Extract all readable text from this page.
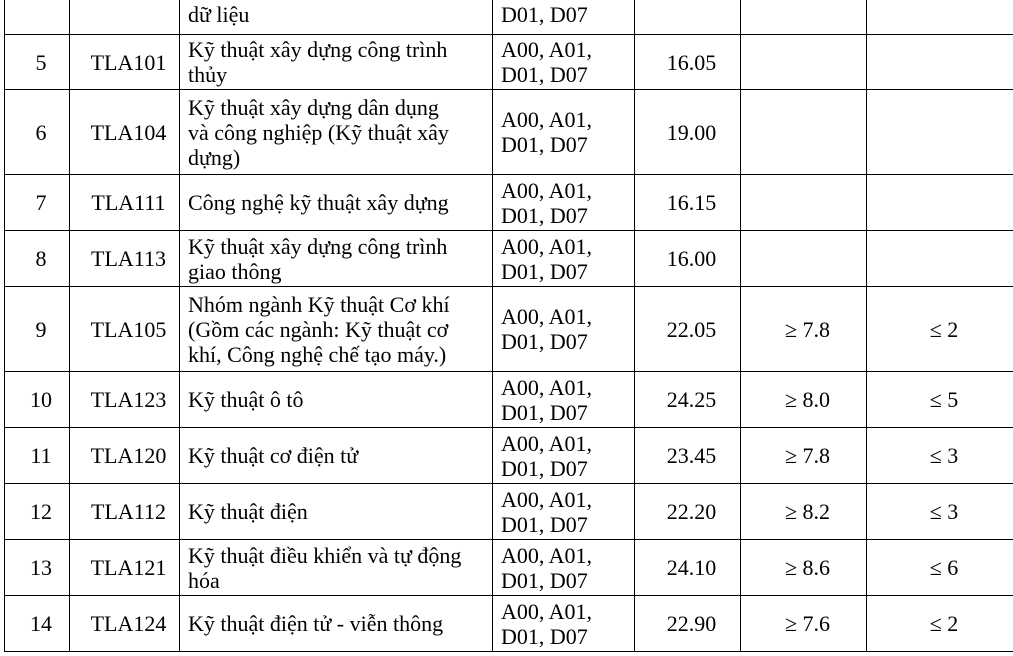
		dữ liệu	D01, D07			

5	TLA101	Kỹ thuật xây dựng công trình
thủy	A00, A01,
D01, D07	16.05		
6	TLA104	Kỹ thuật xây dựng dân dụng
và công nghiệp (Kỹ thuật xây
dựng)	A00, A01,
D01, D07	19.00		
7	TLA111	Công nghệ kỹ thuật xây dựng	A00, A01,
D01, D07	16.15		
8	TLA113	Kỹ thuật xây dựng công trình
giao thông	A00, A01,
D01, D07	16.00		
9	TLA105	Nhóm ngành Kỹ thuật Cơ khí
(Gồm các ngành: Kỹ thuật cơ
khí, Công nghệ chế tạo máy.)	A00, A01,
D01, D07	22.05	≥ 7.8	≤ 2
10	TLA123	Kỹ thuật ô tô	A00, A01,
D01, D07	24.25	≥ 8.0	≤ 5
11	TLA120	Kỹ thuật cơ điện tử	A00, A01,
D01, D07	23.45	≥ 7.8	≤ 3
12	TLA112	Kỹ thuật điện	A00, A01,
D01, D07	22.20	≥ 8.2	≤ 3
13	TLA121	Kỹ thuật điều khiển và tự động
hóa	A00, A01,
D01, D07	24.10	≥ 8.6	≤ 6
14	TLA124	Kỹ thuật điện tử - viễn thông	A00, A01,
D01, D07	22.90	≥ 7.6	≤ 2
